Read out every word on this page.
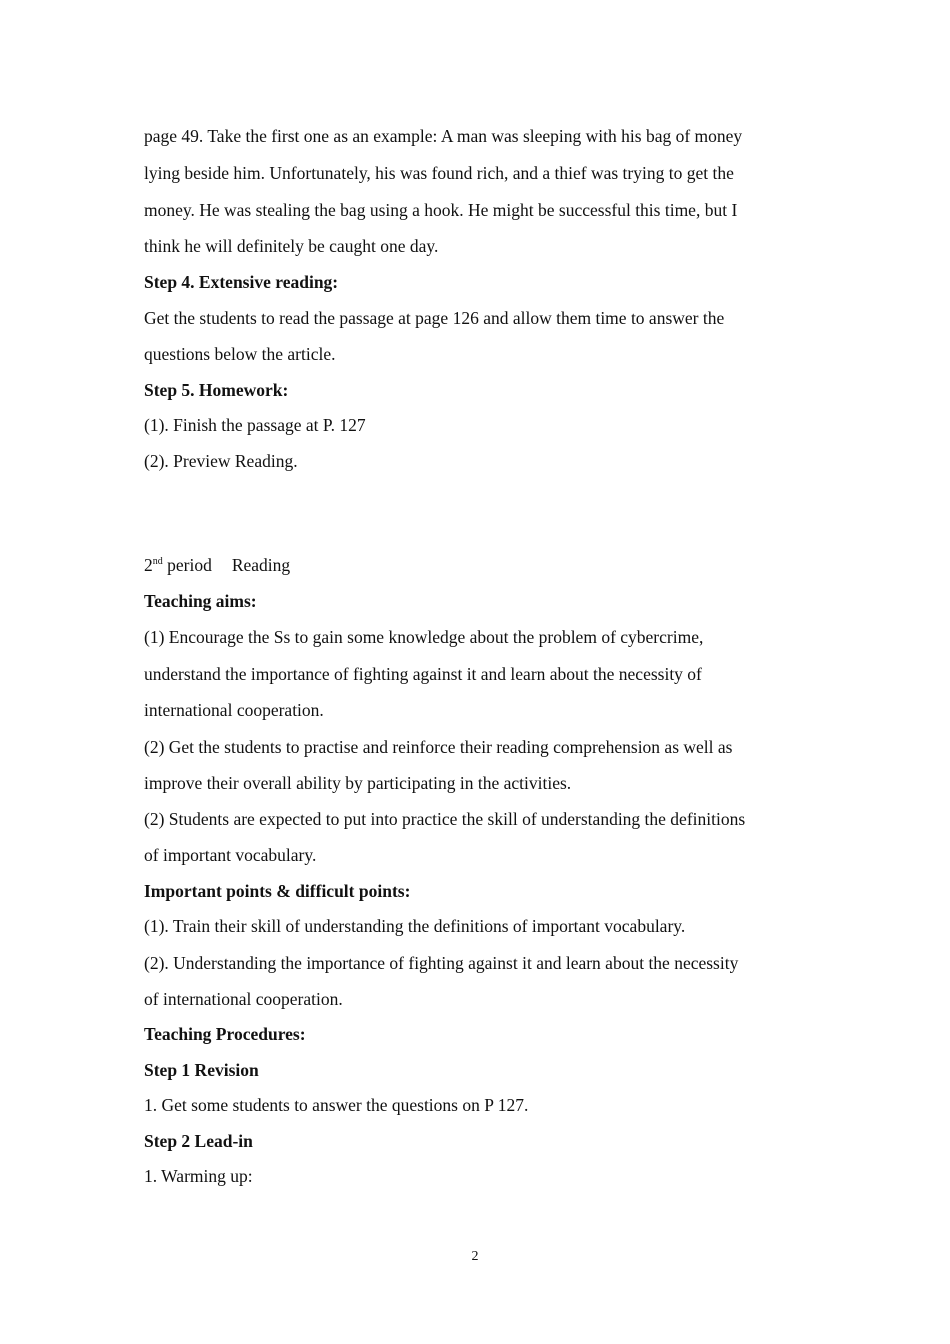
page 49. Take the first one as an example: A man was sleeping with his bag of money
lying beside him. Unfortunately, his was found rich, and a thief was trying to get the
money. He was stealing the bag using a hook. He might be successful this time, but I
think he will definitely be caught one day.
Step 4. Extensive reading:
Get the students to read the passage at page 126 and allow them time to answer the
questions below the article.
Step 5. Homework:
(1). Finish the passage at P. 127
(2). Preview Reading.
2nd period Reading
Teaching aims:
(1) Encourage the Ss to gain some knowledge about the problem of cybercrime,
understand the importance of fighting against it and learn about the necessity of
international cooperation.
(2) Get the students to practise and reinforce their reading comprehension as well as
improve their overall ability by participating in the activities.
(2) Students are expected to put into practice the skill of understanding the definitions
of important vocabulary.
Important points & difficult points:
(1). Train their skill of understanding the definitions of important vocabulary.
(2). Understanding the importance of fighting against it and learn about the necessity
of international cooperation.
Teaching Procedures:
Step 1 Revision
1. Get some students to answer the questions on P 127.
Step 2 Lead-in
1. Warming up:
2
